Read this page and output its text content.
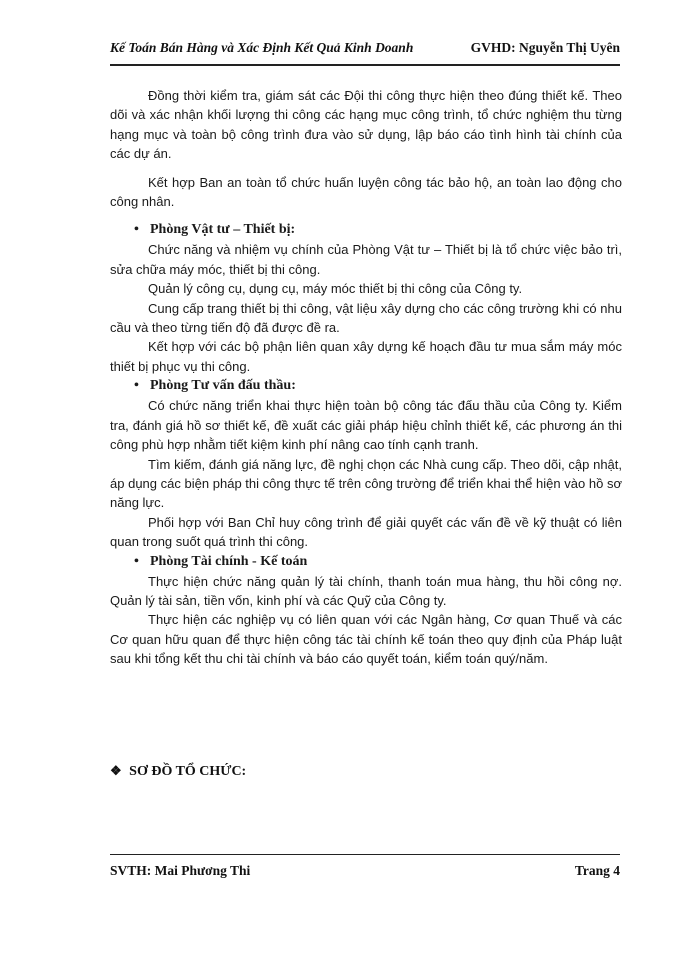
Kế Toán Bán Hàng và Xác Định Kết Quả Kinh Doanh	GVHD: Nguyễn Thị Uyên

Đồng thời kiểm tra, giám sát các Đội thi công thực hiện theo đúng thiết kế. Theo dõi và xác nhận khối lượng thi công các hạng mục công trình, tổ chức nghiệm thu từng hạng mục và toàn bộ công trình đưa vào sử dụng, lập báo cáo tình hình tài chính của các dự án.

Kết hợp Ban an toàn tổ chức huấn luyện công tác bảo hộ, an toàn lao động cho công nhân.

• Phòng Vật tư – Thiết bị:

Chức năng và nhiệm vụ chính của Phòng Vật tư – Thiết bị là tổ chức việc bảo trì, sửa chữa máy móc, thiết bị thi công.

Quản lý công cụ, dụng cụ, máy móc thiết bị thi công của Công ty.

Cung cấp trang thiết bị thi công, vật liệu xây dựng cho các công trường khi có nhu cầu và theo từng tiến độ đã được đề ra.

Kết hợp với các bộ phận liên quan xây dựng kế hoạch đầu tư mua sắm máy móc thiết bị phục vụ thi công.

• Phòng Tư vấn đấu thầu:

Có chức năng triển khai thực hiện toàn bộ công tác đấu thầu của Công ty. Kiểm tra, đánh giá hồ sơ thiết kế, đề xuất các giải pháp hiệu chỉnh thiết kế, các phương án thi công phù hợp nhằm tiết kiệm kinh phí nâng cao tính cạnh tranh.

Tìm kiếm, đánh giá năng lực, đề nghị chọn các Nhà cung cấp. Theo dõi, cập nhật, áp dụng các biện pháp thi công thực tế trên công trường để triển khai thể hiện vào hồ sơ năng lực.

Phối hợp với Ban Chỉ huy công trình để giải quyết các vấn đề về kỹ thuật có liên quan trong suốt quá trình thi công.

• Phòng Tài chính - Kế toán

Thực hiện chức năng quản lý tài chính, thanh toán mua hàng, thu hồi công nợ. Quản lý tài sản, tiền vốn, kinh phí và các Quỹ của Công ty.

Thực hiện các nghiệp vụ có liên quan với các Ngân hàng, Cơ quan Thuế và các Cơ quan hữu quan để thực hiện công tác tài chính kế toán theo quy định của Pháp luật sau khi tổng kết thu chi tài chính và báo cáo quyết toán, kiểm toán quý/năm.

❖ SƠ ĐỒ TỔ CHỨC:
SVTH: Mai Phương Thi	Trang 4
